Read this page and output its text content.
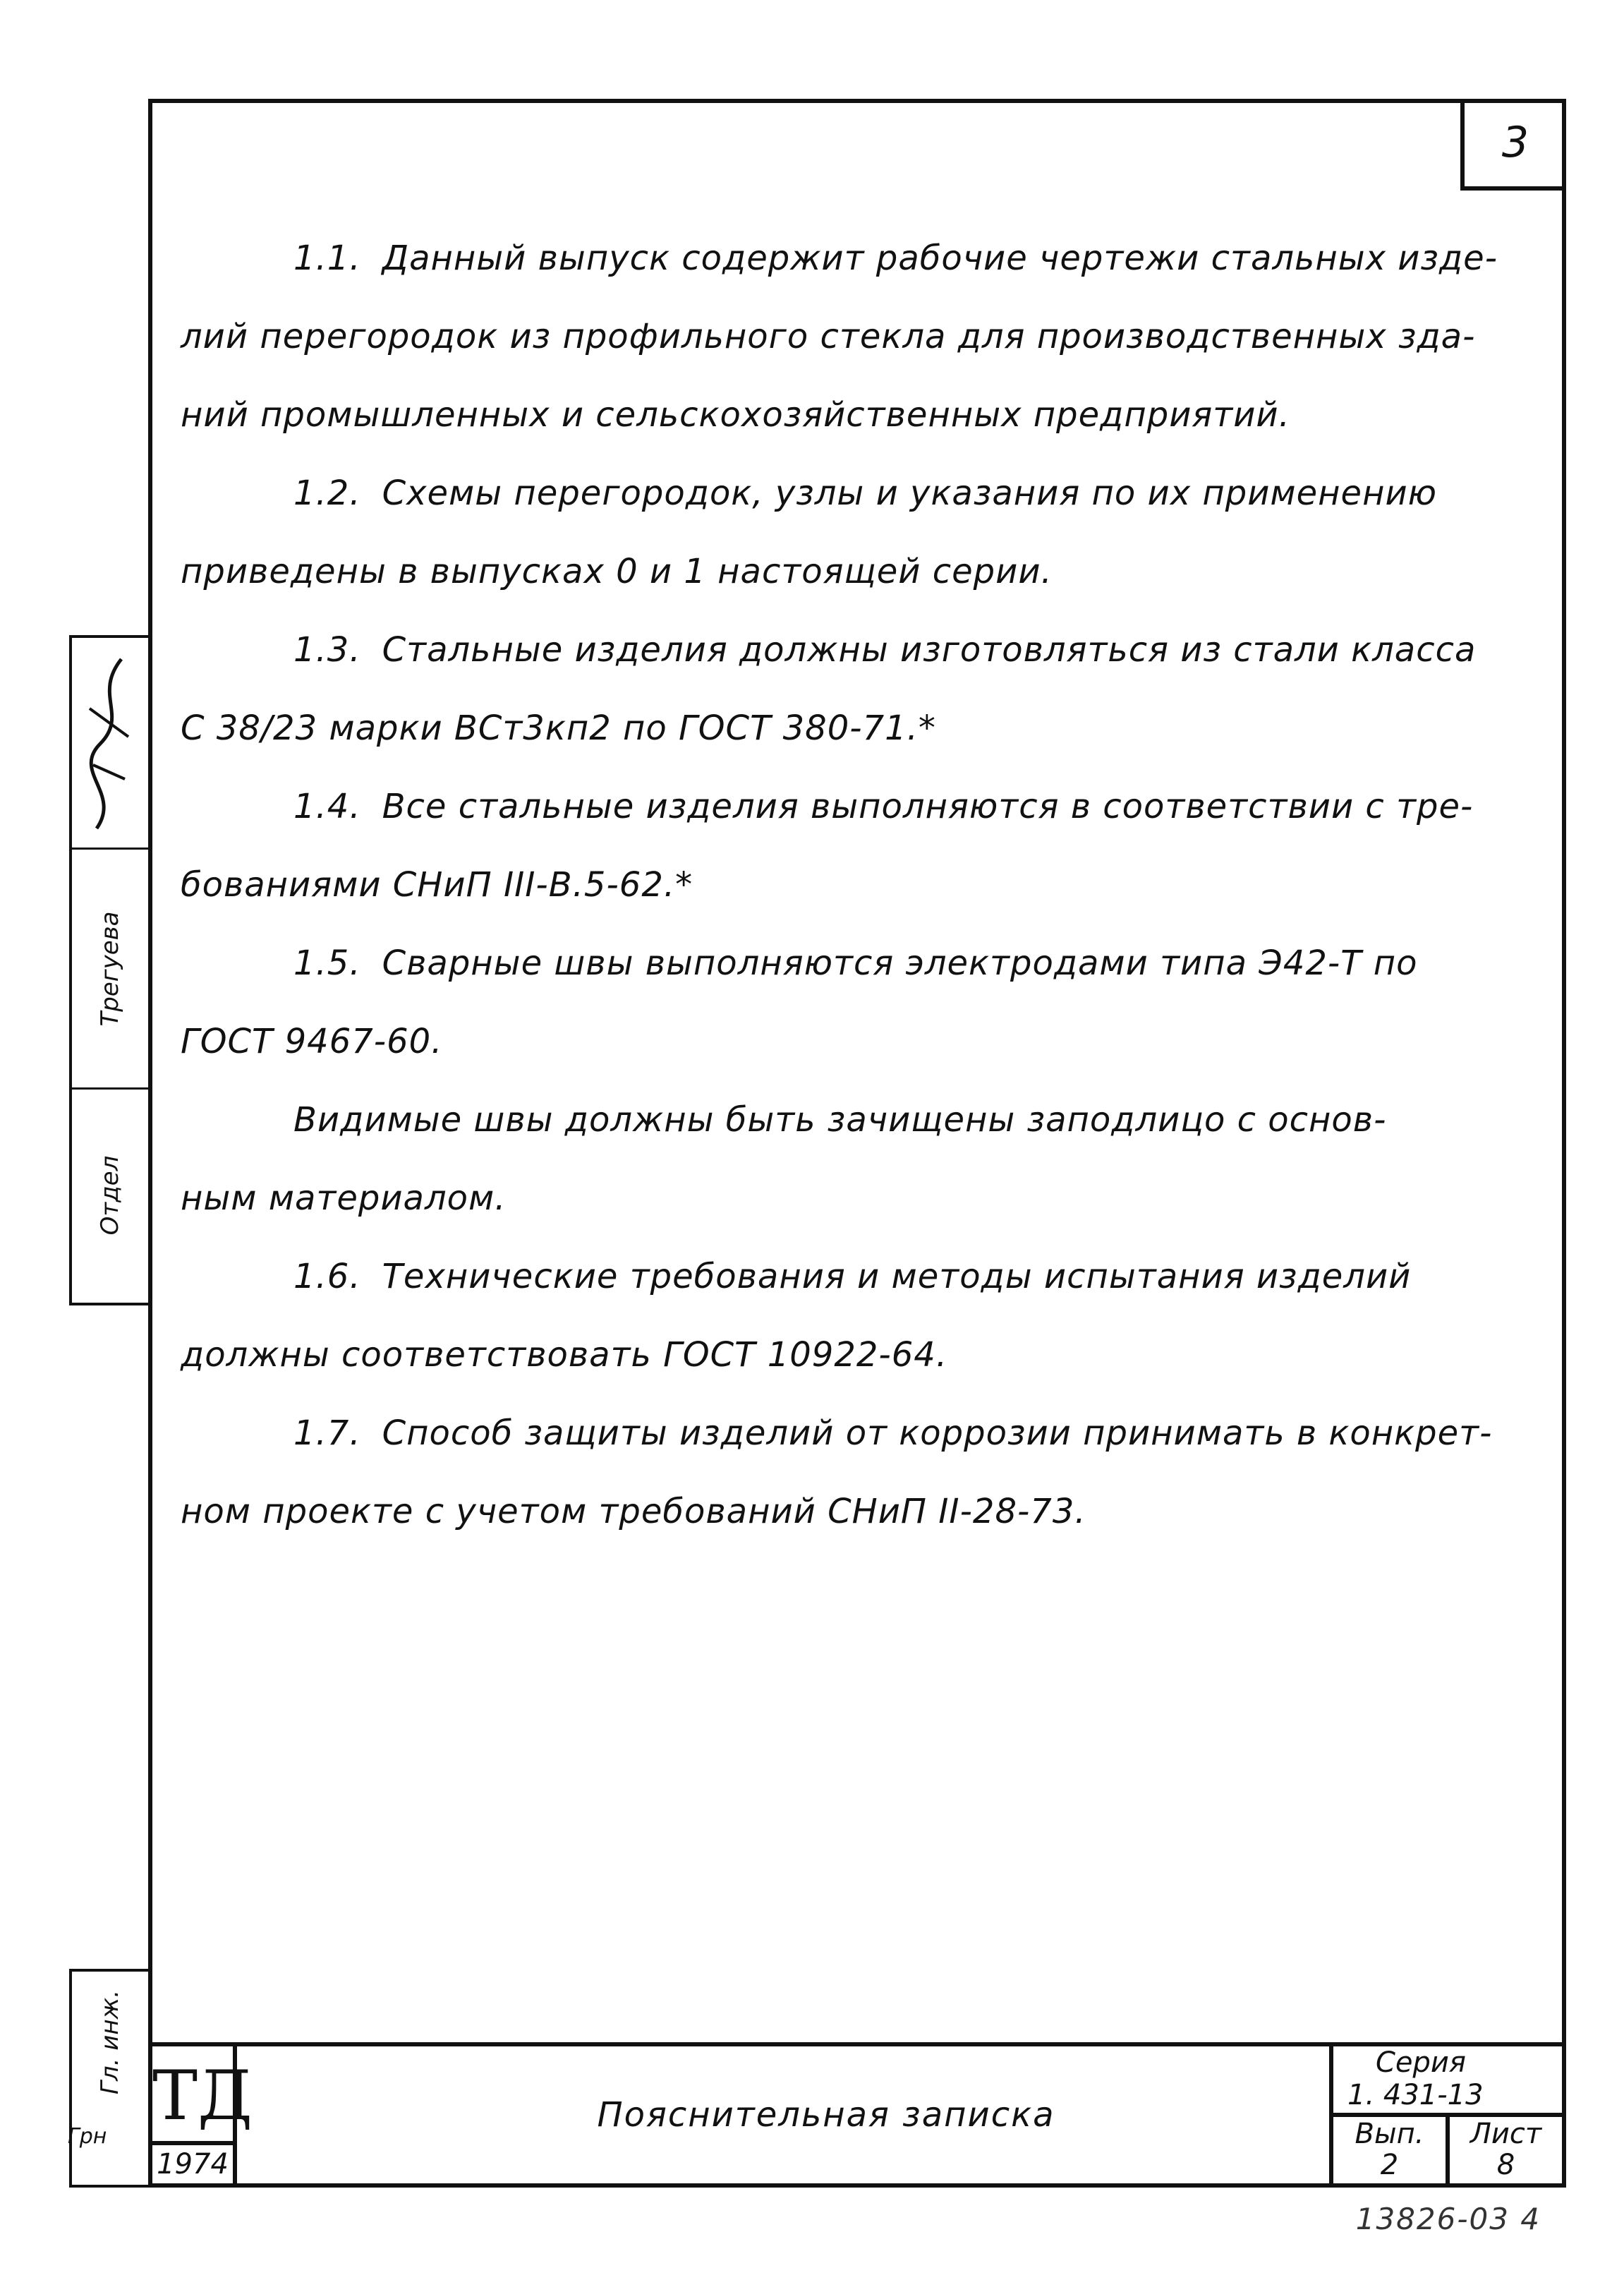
3

1.1. Данный выпуск содержит рабочие чертежи стальных изде-

лий перегородок из профильного стекла для производственных зда-

ний промышленных и сельскохозяйственных предприятий.

1.2. Схемы перегородок, узлы и указания по их применению

приведены в выпусках 0 и 1 настоящей серии.

1.3. Стальные изделия должны изготовляться из стали класса

С 38/23 марки ВСт3кп2 по ГОСТ 380-71.*

1.4. Все стальные изделия выполняются в соответствии с тре-

бованиями СНиП III-В.5-62.*

1.5. Сварные швы выполняются электродами типа Э42-Т по

ГОСТ 9467-60.

Видимые швы должны быть зачищены заподлицо с основ-

ным материалом.

1.6. Технические требования и методы испытания изделий

должны соответствовать ГОСТ 10922-64.

1.7. Способ защиты изделий от коррозии принимать в конкрет-

ном проекте с учетом требований СНиП II-28-73.

ТД
1974
Пояснительная записка
Серия
1. 431-13
Вып.
2
Лист
8
Трегуева
Отдел
Гл. инж.
Грн
13826-03 4
